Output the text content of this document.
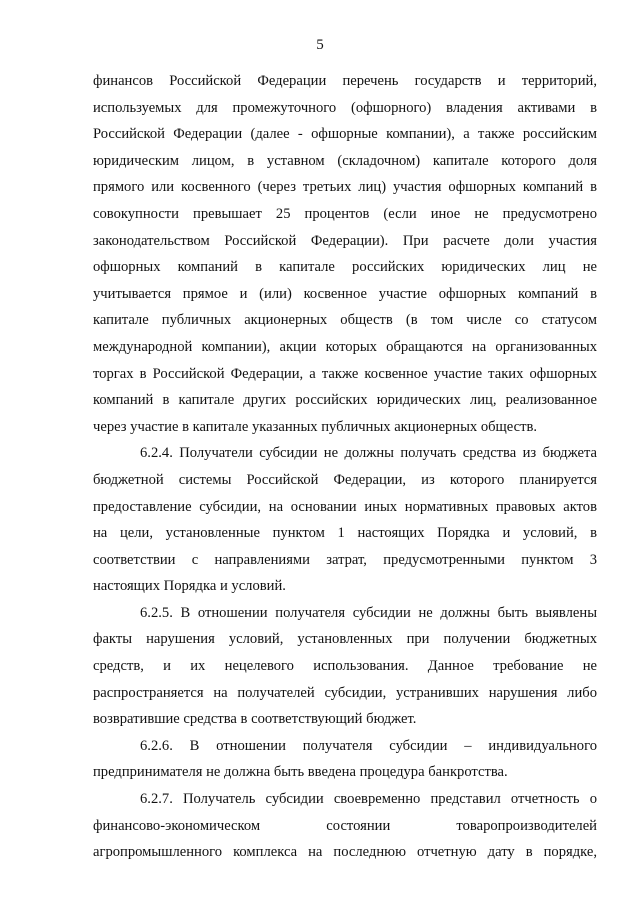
5
финансов Российской Федерации перечень государств и территорий,
используемых для промежуточного (офшорного) владения активами в
Российской Федерации (далее - офшорные компании), а также российским
юридическим лицом, в уставном (складочном) капитале которого доля
прямого или косвенного (через третьих лиц) участия офшорных компаний в
совокупности превышает 25 процентов (если иное не предусмотрено
законодательством Российской Федерации). При расчете доли участия
офшорных компаний в капитале российских юридических лиц не
учитывается прямое и (или) косвенное участие офшорных компаний в
капитале публичных акционерных обществ (в том числе со статусом
международной компании), акции которых обращаются на организованных
торгах в Российской Федерации, а также косвенное участие таких офшорных
компаний в капитале других российских юридических лиц, реализованное
через участие в капитале указанных публичных акционерных обществ.
6.2.4. Получатели субсидии не должны получать средства из бюджета
бюджетной системы Российской Федерации, из которого планируется
предоставление субсидии, на основании иных нормативных правовых актов
на цели, установленные пунктом 1 настоящих Порядка и условий, в
соответствии с направлениями затрат, предусмотренными пунктом 3
настоящих Порядка и условий.
6.2.5. В отношении получателя субсидии не должны быть выявлены
факты нарушения условий, установленных при получении бюджетных
средств, и их нецелевого использования. Данное требование не
распространяется на получателей субсидии, устранивших нарушения либо
возвратившие средства в соответствующий бюджет.
6.2.6. В отношении получателя субсидии – индивидуального
предпринимателя не должна быть введена процедура банкротства.
6.2.7. Получатель субсидии своевременно представил отчетность о
финансово-экономическом состоянии товаропроизводителей
агропромышленного комплекса на последнюю отчетную дату в порядке,
